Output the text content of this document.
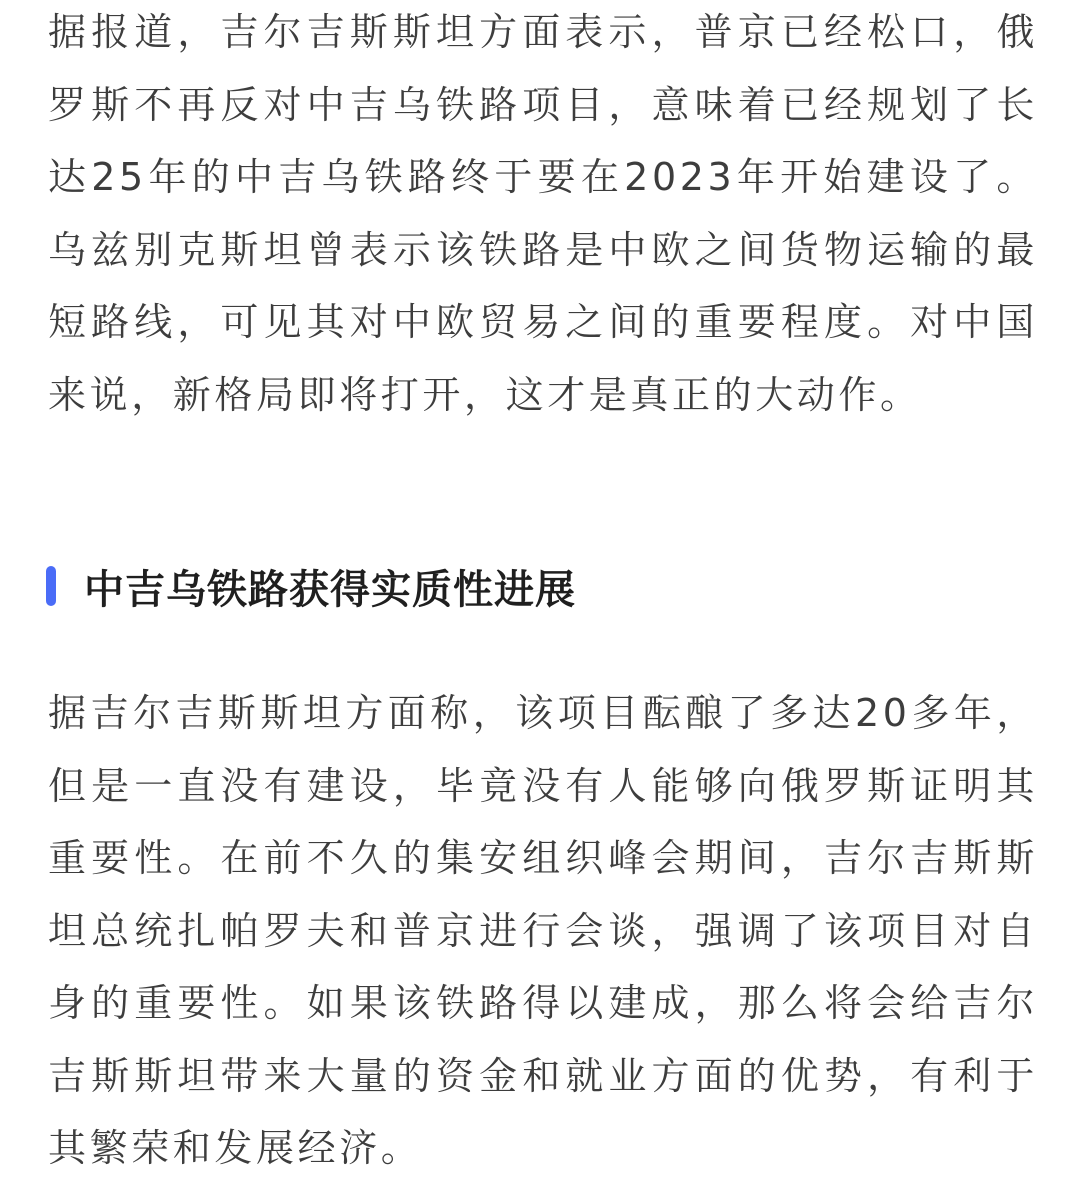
据报道，吉尔吉斯斯坦方面表示，普京已经松口，俄罗斯不再反对中吉乌铁路项目，意味着已经规划了长达25年的中吉乌铁路终于要在2023年开始建设了。乌兹别克斯坦曾表示该铁路是中欧之间货物运输的最短路线，可见其对中欧贸易之间的重要程度。对中国来说，新格局即将打开，这才是真正的大动作。

中吉乌铁路获得实质性进展

据吉尔吉斯斯坦方面称，该项目酝酿了多达20多年，但是一直没有建设，毕竟没有人能够向俄罗斯证明其重要性。在前不久的集安组织峰会期间，吉尔吉斯斯坦总统扎帕罗夫和普京进行会谈，强调了该项目对自身的重要性。如果该铁路得以建成，那么将会给吉尔吉斯斯坦带来大量的资金和就业方面的优势，有利于其繁荣和发展经济。
